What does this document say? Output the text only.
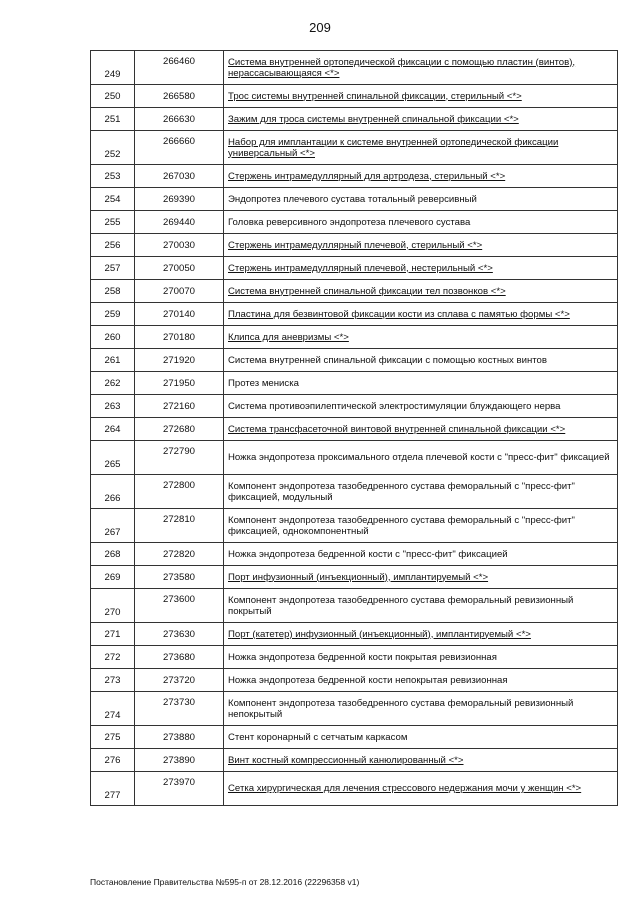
209
249	266460	Система внутренней ортопедической фиксации с помощью пластин (винтов), нерассасывающаяся <*>
250	266580	Трос системы внутренней спинальной фиксации, стерильный <*>
251	266630	Зажим для троса системы внутренней спинальной фиксации <*>
252	266660	Набор для имплантации к системе внутренней ортопедической фиксации универсальный <*>
253	267030	Стержень интрамедуллярный для артродеза, стерильный <*>
254	269390	Эндопротез плечевого сустава тотальный реверсивный
255	269440	Головка реверсивного эндопротеза плечевого сустава
256	270030	Стержень интрамедуллярный плечевой, стерильный <*>
257	270050	Стержень интрамедуллярный плечевой, нестерильный <*>
258	270070	Система внутренней спинальной фиксации тел позвонков <*>
259	270140	Пластина для безвинтовой фиксации кости из сплава с памятью формы <*>
260	270180	Клипса для аневризмы <*>
261	271920	Система внутренней спинальной фиксации с помощью костных винтов
262	271950	Протез мениска
263	272160	Система противоэпилептической электростимуляции блуждающего нерва
264	272680	Система трансфасеточной винтовой внутренней спинальной фиксации <*>
265	272790	Ножка эндопротеза проксимального отдела плечевой кости с "пресс-фит" фиксацией
266	272800	Компонент эндопротеза тазобедренного сустава феморальный с "пресс-фит" фиксацией, модульный
267	272810	Компонент эндопротеза тазобедренного сустава феморальный с "пресс-фит" фиксацией, однокомпонентный
268	272820	Ножка эндопротеза бедренной кости с "пресс-фит" фиксацией
269	273580	Порт инфузионный (инъекционный), имплантируемый <*>
270	273600	Компонент эндопротеза тазобедренного сустава феморальный ревизионный покрытый
271	273630	Порт (катетер) инфузионный (инъекционный), имплантируемый <*>
272	273680	Ножка эндопротеза бедренной кости покрытая ревизионная
273	273720	Ножка эндопротеза бедренной кости непокрытая ревизионная
274	273730	Компонент эндопротеза тазобедренного сустава феморальный ревизионный непокрытый
275	273880	Стент коронарный с сетчатым каркасом
276	273890	Винт костный компрессионный канюлированный <*>
277	273970	Сетка хирургическая для лечения стрессового недержания мочи у женщин <*>
Постановление Правительства №595-п от 28.12.2016 (22296358 v1)
